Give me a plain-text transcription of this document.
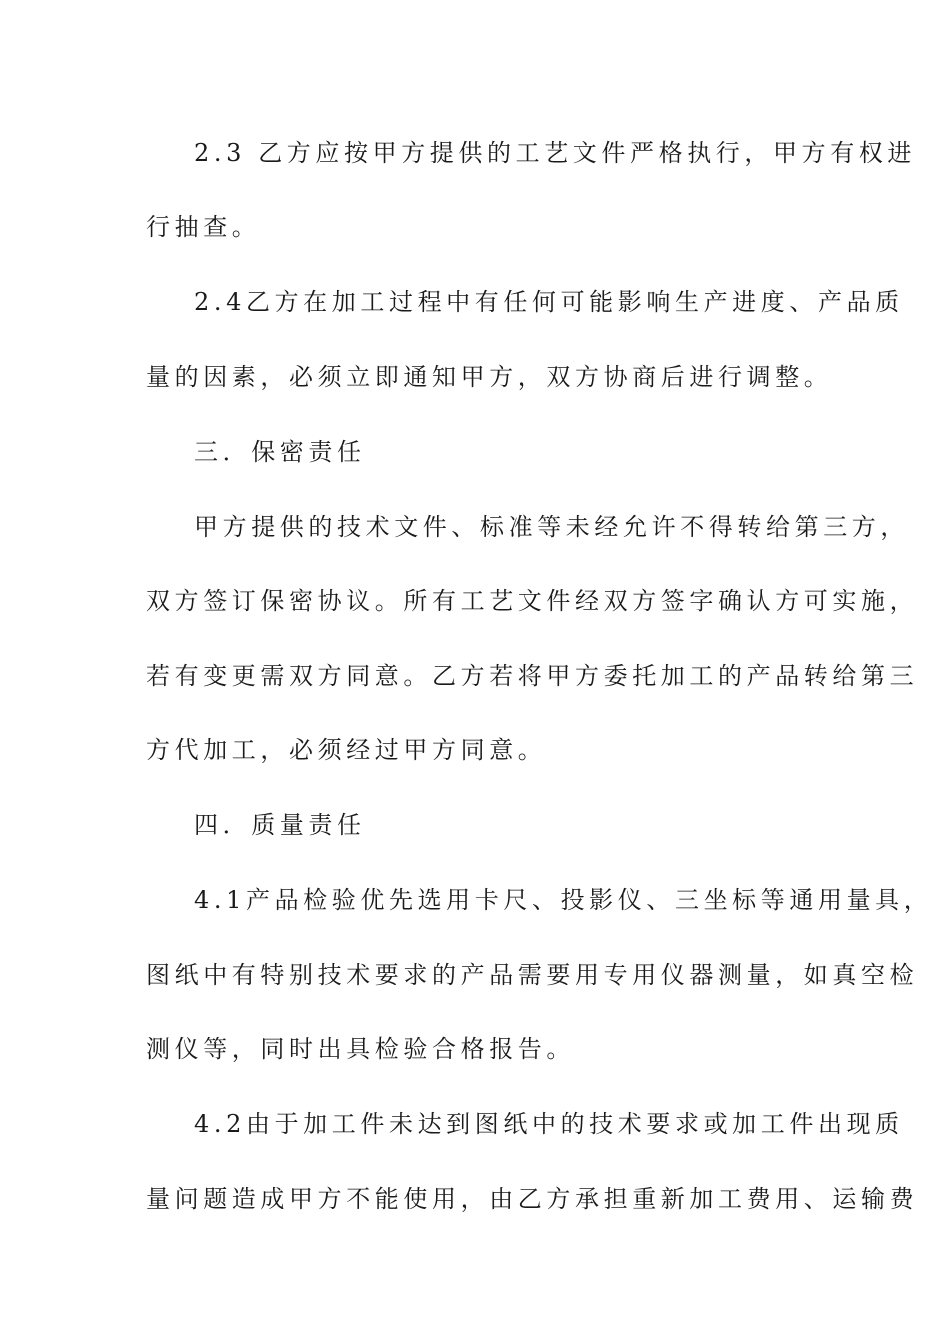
2.3 乙方应按甲方提供的工艺文件严格执行，甲方有权进
行抽查。
2.4乙方在加工过程中有任何可能影响生产进度、产品质
量的因素，必须立即通知甲方，双方协商后进行调整。
三．保密责任
甲方提供的技术文件、标准等未经允许不得转给第三方，
双方签订保密协议。所有工艺文件经双方签字确认方可实施，
若有变更需双方同意。乙方若将甲方委托加工的产品转给第三
方代加工，必须经过甲方同意。
四．质量责任
4.1产品检验优先选用卡尺、投影仪、三坐标等通用量具，
图纸中有特别技术要求的产品需要用专用仪器测量，如真空检
测仪等，同时出具检验合格报告。
4.2由于加工件未达到图纸中的技术要求或加工件出现质
量问题造成甲方不能使用，由乙方承担重新加工费用、运输费
